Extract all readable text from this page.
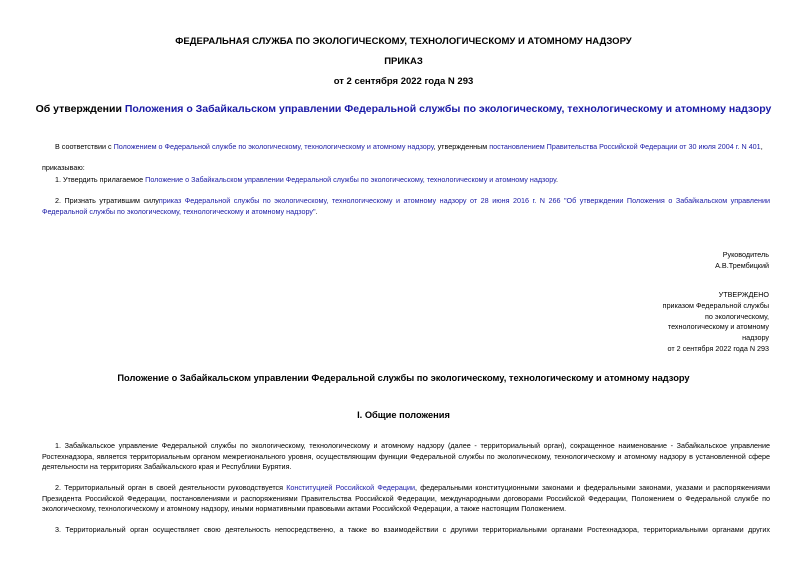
ФЕДЕРАЛЬНАЯ СЛУЖБА ПО ЭКОЛОГИЧЕСКОМУ, ТЕХНОЛОГИЧЕСКОМУ И АТОМНОМУ НАДЗОРУ
ПРИКАЗ
от 2 сентября 2022 года N 293
Об утверждении Положения о Забайкальском управлении Федеральной службы по экологическому, технологическому и атомному надзору
В соответствии с Положением о Федеральной службе по экологическому, технологическому и атомному надзору, утвержденным постановлением Правительства Российской Федерации от 30 июля 2004 г. N 401,
приказываю:
1. Утвердить прилагаемое Положение о Забайкальском управлении Федеральной службы по экологическому, технологическому и атомному надзору.
2. Признать утратившим силуприказ Федеральной службы по экологическому, технологическому и атомному надзору от 28 июня 2016 г. N 266 "Об утверждении Положения о Забайкальском управлении Федеральной службы по экологическому, технологическому и атомному надзору".
Руководитель
А.В.Трембицкий
УТВЕРЖДЕНО
приказом Федеральной службы
по экологическому,
технологическому и атомному
надзору
от 2 сентября 2022 года N 293
Положение о Забайкальском управлении Федеральной службы по экологическому, технологическому и атомному надзору
I. Общие положения
1. Забайкальское управление Федеральной службы по экологическому, технологическому и атомному надзору (далее - территориальный орган), сокращенное наименование - Забайкальское управление Ростехнадзора, является территориальным органом межрегионального уровня, осуществляющим функции Федеральной службы по экологическому, технологическому и атомному надзору в установленной сфере деятельности на территориях Забайкальского края и Республики Бурятия.
2. Территориальный орган в своей деятельности руководствуется Конституцией Российской Федерации, федеральными конституционными законами и федеральными законами, указами и распоряжениями Президента Российской Федерации, постановлениями и распоряжениями Правительства Российской Федерации, международными договорами Российской Федерации, Положением о Федеральной службе по экологическому, технологическому и атомному надзору, иными нормативными правовыми актами Российской Федерации, а также настоящим Положением.
3. Территориальный орган осуществляет свою деятельность непосредственно, а также во взаимодействии с другими территориальными органами Ростехнадзора, территориальными органами других
